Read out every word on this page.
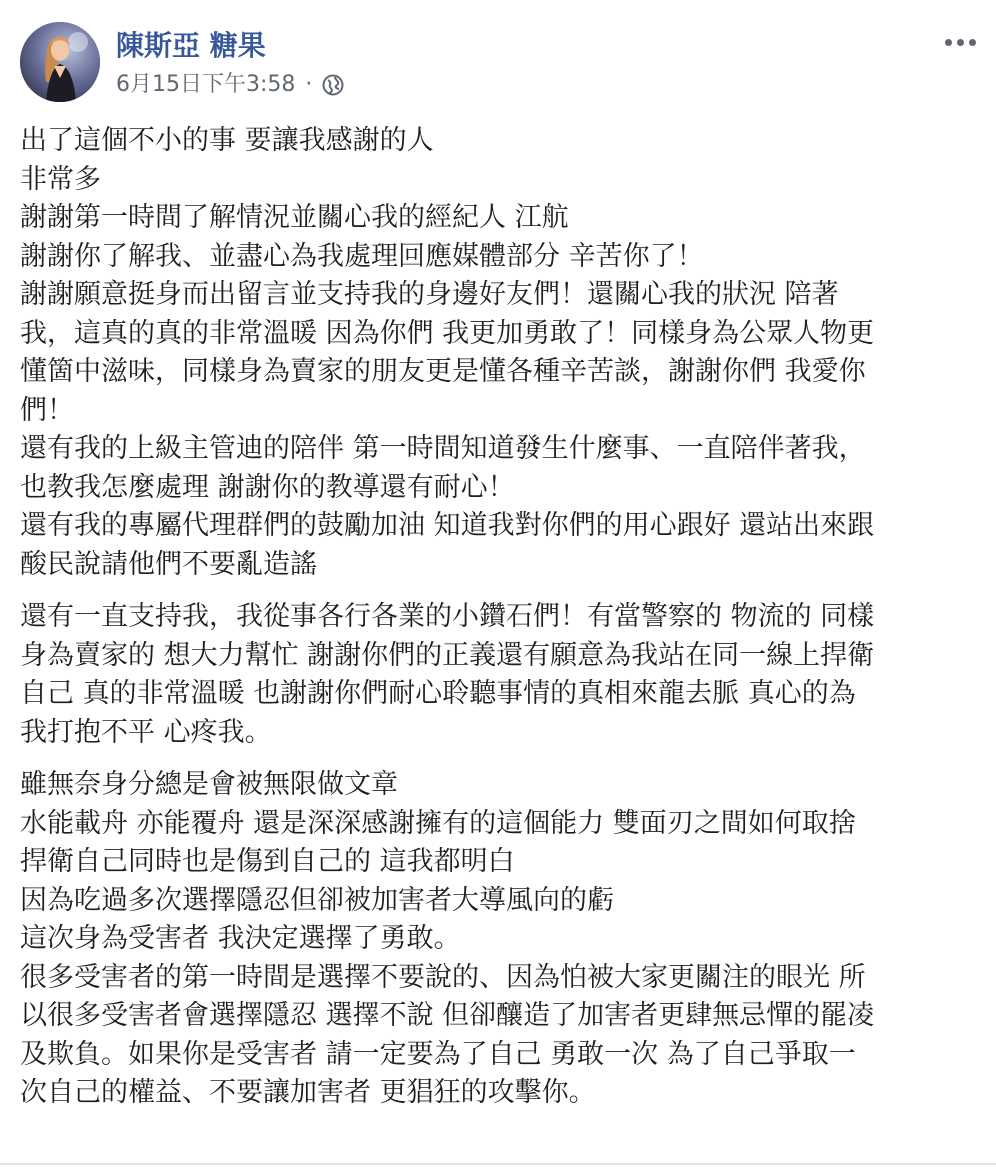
陳斯亞 糖果
6月15日下午3:58 ·
出了這個不小的事 要讓我感謝的人
非常多
謝謝第一時間了解情況並關心我的經紀人 江航
謝謝你了解我、並盡心為我處理回應媒體部分 辛苦你了！
謝謝願意挺身而出留言並支持我的身邊好友們！還關心我的狀況 陪著
我，這真的真的非常溫暖 因為你們 我更加勇敢了！同樣身為公眾人物更
懂箇中滋味，同樣身為賣家的朋友更是懂各種辛苦談，謝謝你們 我愛你
們！
還有我的上級主管迪的陪伴 第一時間知道發生什麼事、一直陪伴著我，
也教我怎麼處理 謝謝你的教導還有耐心！
還有我的專屬代理群們的鼓勵加油 知道我對你們的用心跟好 還站出來跟
酸民說請他們不要亂造謠
還有一直支持我，我從事各行各業的小鑽石們！有當警察的 物流的 同樣
身為賣家的 想大力幫忙 謝謝你們的正義還有願意為我站在同一線上捍衛
自己 真的非常溫暖 也謝謝你們耐心聆聽事情的真相來龍去脈 真心的為
我打抱不平 心疼我。
雖無奈身分總是會被無限做文章
水能載舟 亦能覆舟 還是深深感謝擁有的這個能力 雙面刃之間如何取捨
捍衛自己同時也是傷到自己的 這我都明白
因為吃過多次選擇隱忍但卻被加害者大導風向的虧
這次身為受害者 我決定選擇了勇敢。
很多受害者的第一時間是選擇不要說的、因為怕被大家更關注的眼光 所
以很多受害者會選擇隱忍 選擇不說 但卻釀造了加害者更肆無忌憚的罷凌
及欺負。如果你是受害者 請一定要為了自己 勇敢一次 為了自己爭取一
次自己的權益、不要讓加害者 更猖狂的攻擊你。
